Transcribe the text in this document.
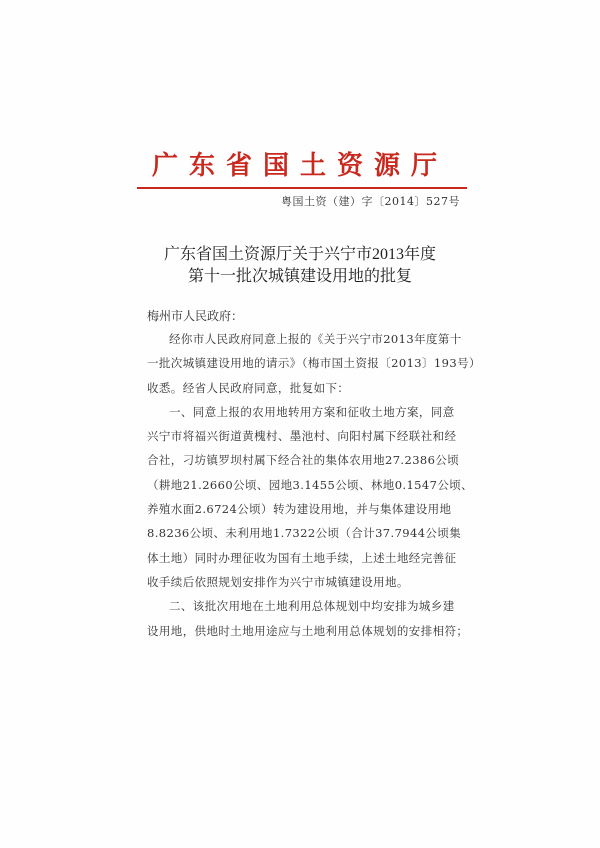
广东省国土资源厅
粤国土资（建）字〔2014〕527号
广东省国土资源厅关于兴宁市2013年度
第十一批次城镇建设用地的批复
梅州市人民政府：
经你市人民政府同意上报的《关于兴宁市2013年度第十
一批次城镇建设用地的请示》（梅市国土资报〔2013〕193号）
收悉。经省人民政府同意，批复如下：
一、同意上报的农用地转用方案和征收土地方案，同意
兴宁市将福兴街道黄槐村、墨池村、向阳村属下经联社和经
合社，刁坊镇罗坝村属下经合社的集体农用地27.2386公顷
（耕地21.2660公顷、园地3.1455公顷、林地0.1547公顷、
养殖水面2.6724公顷）转为建设用地，并与集体建设用地
8.8236公顷、未利用地1.7322公顷（合计37.7944公顷集
体土地）同时办理征收为国有土地手续，上述土地经完善征
收手续后依照规划安排作为兴宁市城镇建设用地。
二、该批次用地在土地利用总体规划中均安排为城乡建
设用地，供地时土地用途应与土地利用总体规划的安排相符；
